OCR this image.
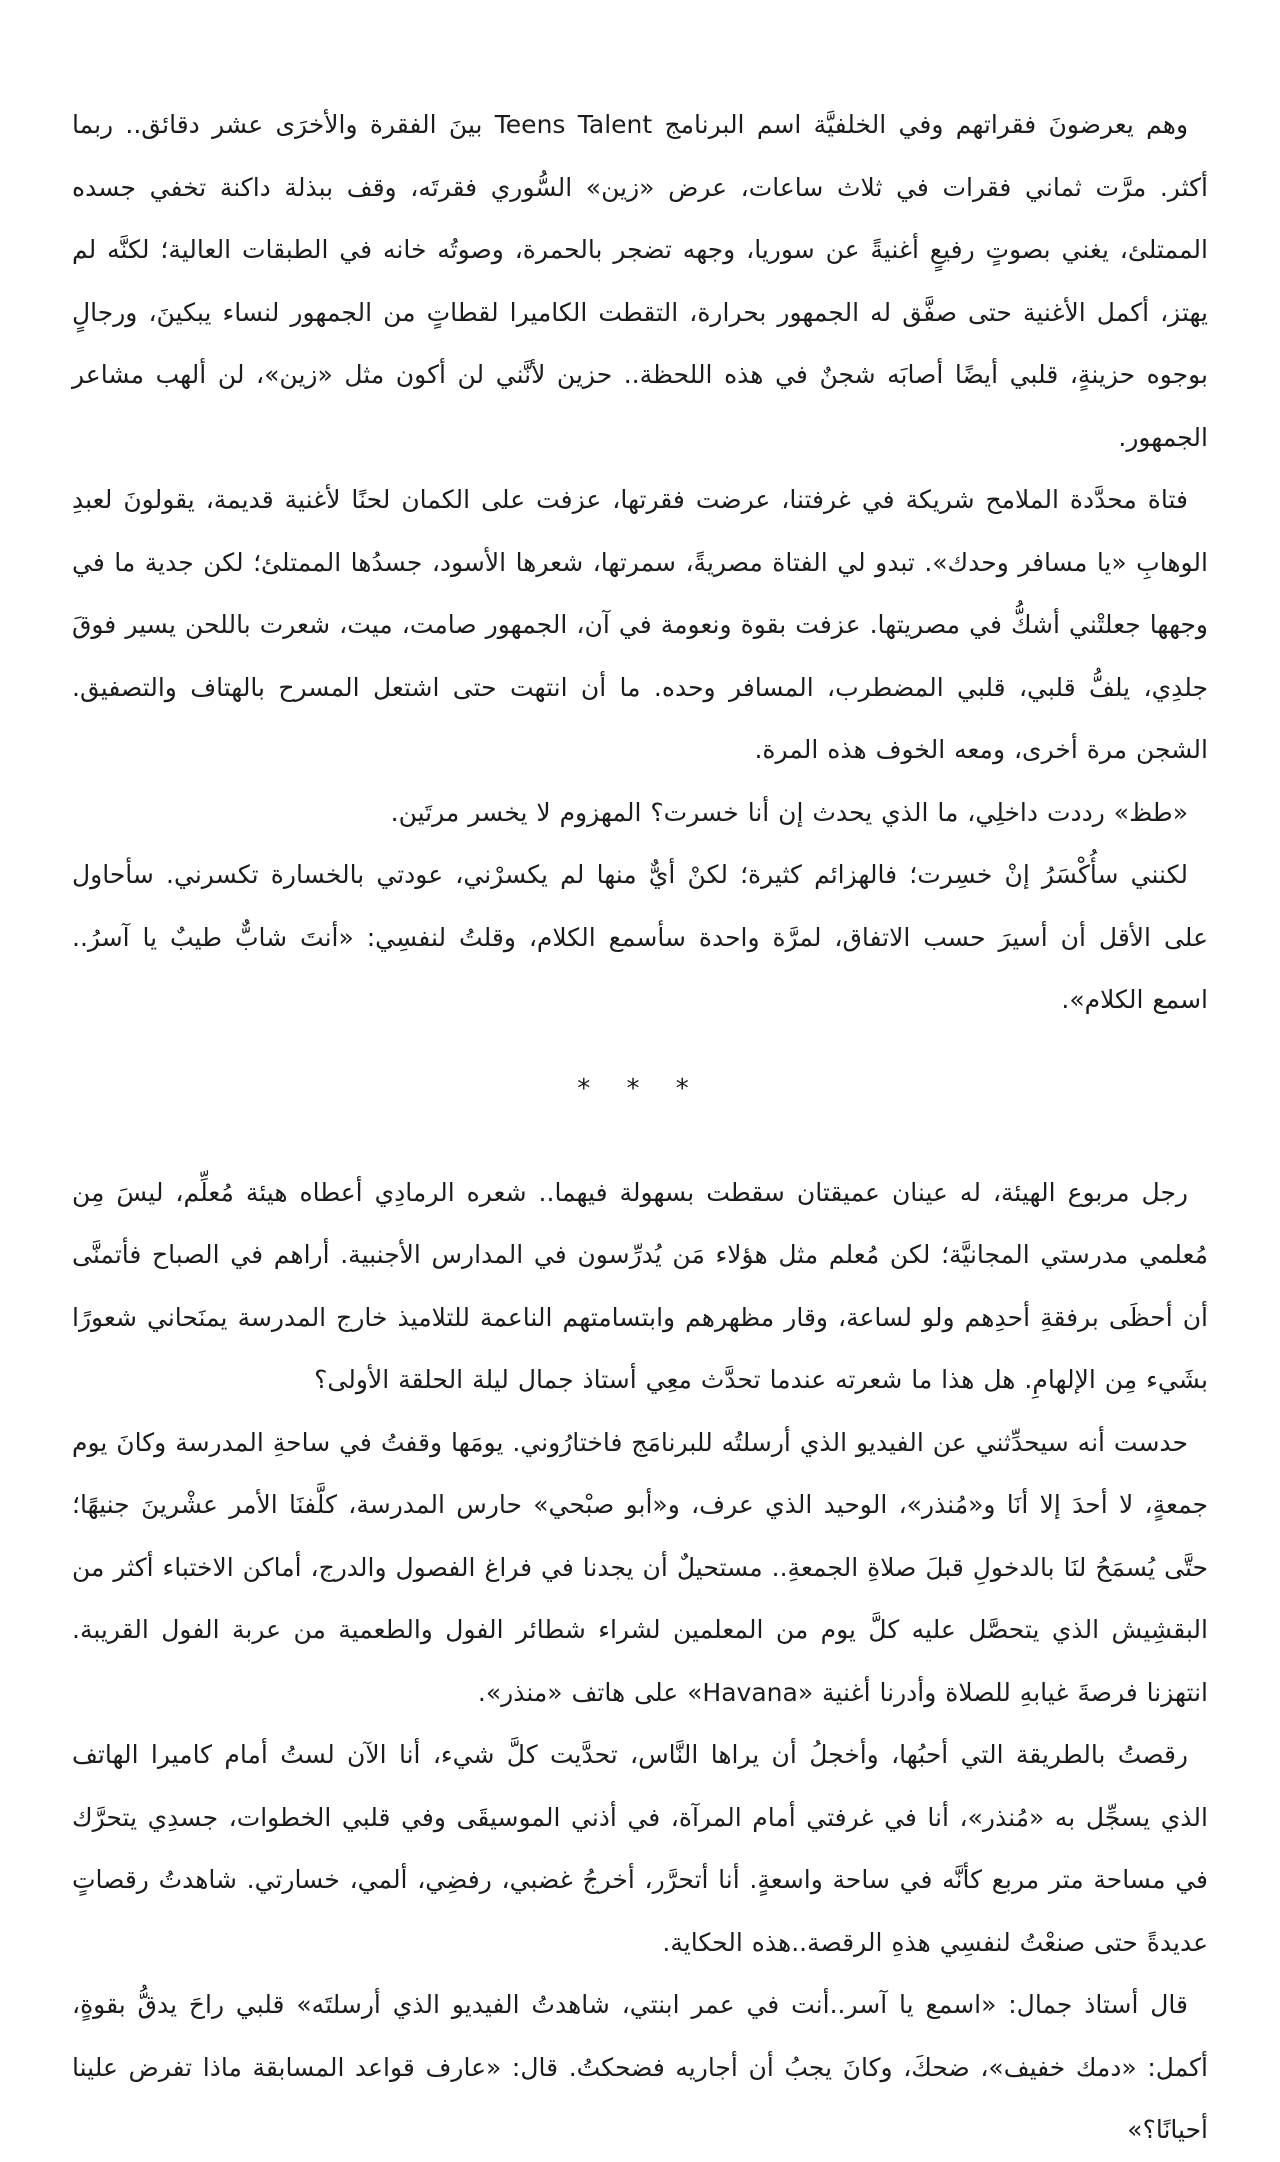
وهم يعرضونَ فقراتهم وفي الخلفيَّة اسم البرنامج Teens Talent بينَ الفقرة والأخرَى عشر دقائق.. ربما أكثر. مرَّت ثماني فقرات في ثلاث ساعات، عرض «زين» السُّوري فقرتَه، وقف ببذلة داكنة تخفي جسده الممتلئ، يغني بصوتٍ رفيعٍ أغنيةً عن سوريا، وجهه تضجر بالحمرة، وصوتُه خانه في الطبقات العالية؛ لكنَّه لم يهتز، أكمل الأغنية حتى صفَّق له الجمهور بحرارة، التقطت الكاميرا لقطاتٍ من الجمهور لنساء يبكينَ، ورجالٍ بوجوه حزينةٍ، قلبي أيضًا أصابَه شجنٌ في هذه اللحظة.. حزين لأنَّني لن أكون مثل «زين»، لن ألهب مشاعر الجمهور.

فتاة محدَّدة الملامح شريكة في غرفتنا، عرضت فقرتها، عزفت على الكمان لحنًا لأغنية قديمة، يقولونَ لعبدِ الوهابِ «يا مسافر وحدك». تبدو لي الفتاة مصريةً، سمرتها، شعرها الأسود، جسدُها الممتلئ؛ لكن جدية ما في وجهها جعلتْني أشكُّ في مصريتها. عزفت بقوة ونعومة في آن، الجمهور صامت، ميت، شعرت باللحن يسير فوقَ جلدِي، يلفُّ قلبي، قلبي المضطرب، المسافر وحده. ما أن انتهت حتى اشتعل المسرح بالهتاف والتصفيق. الشجن مرة أخرى، ومعه الخوف هذه المرة.

«طظ» رددت داخلِي، ما الذي يحدث إن أنا خسرت؟ المهزوم لا يخسر مرتَين.

لكنني سأُكْسَرُ إنْ خسِرت؛ فالهزائم كثيرة؛ لكنْ أيٌّ منها لم يكسرْني، عودتي بالخسارة تكسرني. سأحاول على الأقل أن أسيرَ حسب الاتفاق، لمرَّة واحدة سأسمع الكلام، وقلتُ لنفسِي: «أنتَ شابٌّ طيبٌ يا آسرُ.. اسمع الكلام».

* * *

رجل مربوع الهيئة، له عينان عميقتان سقطت بسهولة فيهما.. شعره الرمادِي أعطاه هيئة مُعلِّم، ليسَ مِن مُعلمي مدرستي المجانيَّة؛ لكن مُعلم مثل هؤلاء مَن يُدرِّسون في المدارس الأجنبية. أراهم في الصباح فأتمنَّى أن أحظَى برفقةِ أحدِهم ولو لساعة، وقار مظهرهم وابتسامتهم الناعمة للتلاميذ خارج المدرسة يمنَحاني شعورًا بشَيء مِن الإلهامِ. هل هذا ما شعرته عندما تحدَّث معِي أستاذ جمال ليلة الحلقة الأولى؟

حدست أنه سيحدِّثني عن الفيديو الذي أرسلتُه للبرنامَج فاختارُوني. يومَها وقفتُ في ساحةِ المدرسة وكانَ يوم جمعةٍ، لا أحدَ إلا أنَا و«مُنذر»، الوحيد الذي عرف، و«أبو صبْحي» حارس المدرسة، كلَّفنَا الأمر عشْرينَ جنيهًا؛ حتَّى يُسمَحُ لنَا بالدخولِ قبلَ صلاةِ الجمعةِ.. مستحيلٌ أن يجدنا في فراغ الفصول والدرج، أماكن الاختباء أكثر من البقشِيش الذي يتحصَّل عليه كلَّ يوم من المعلمين لشراء شطائر الفول والطعمية من عربة الفول القريبة. انتهزنا فرصةَ غيابهِ للصلاة وأدرنا أغنية «Havana» على هاتف «منذر».

رقصتُ بالطريقة التي أحبُها، وأخجلُ أن يراها النَّاس، تحدَّيت كلَّ شيء، أنا الآن لستُ أمام كاميرا الهاتف الذي يسجِّل به «مُنذر»، أنا في غرفتي أمام المرآة، في أذني الموسيقَى وفي قلبي الخطوات، جسدِي يتحرَّك في مساحة متر مربع كأنَّه في ساحة واسعةٍ. أنا أتحرَّر، أخرجُ غضبي، رفضِي، ألمي، خسارتي. شاهدتُ رقصاتٍ عديدةً حتى صنعْتُ لنفسِي هذهِ الرقصة..هذه الحكاية.

قال أستاذ جمال: «اسمع يا آسر..أنت في عمر ابنتي، شاهدتُ الفيديو الذي أرسلتَه» قلبي راحَ يدقُّ بقوةٍ، أكمل: «دمك خفيف»، ضحكَ، وكانَ يجبُ أن أجاريه فضحكتُ. قال: «عارف قواعد المسابقة ماذا تفرض علينا أحيانًا؟»
